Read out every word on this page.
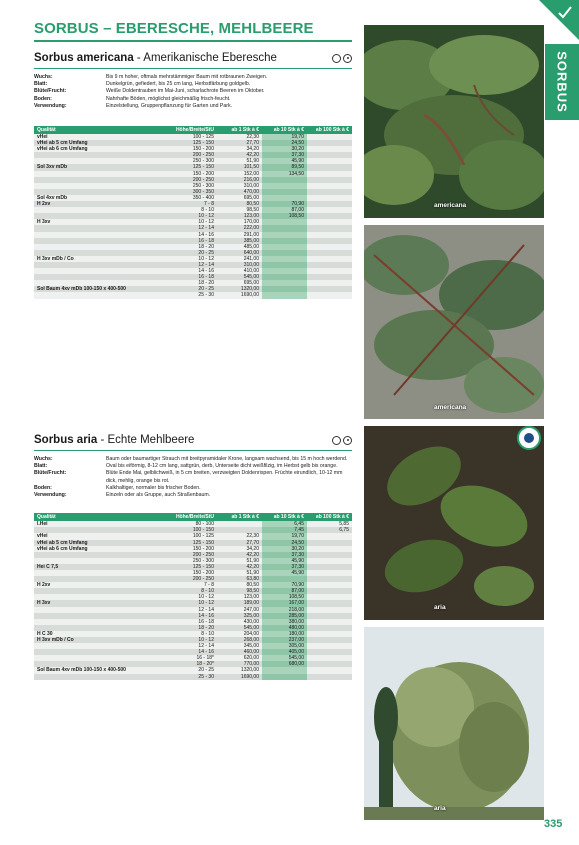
SORBUS – EBERESCHE, MEHLBEERE
SORBUS
Sorbus americana - Amerikanische Eberesche
Wuchs:	Bis 9 m hoher, oftmals mehrstämmiger Baum mit rotbraunen Zweigen.
Blatt:	Dunkelgrün, gefiedert, bis 25 cm lang, Herbstfärbung goldgelb.
Blüte/Frucht:	Weiße Doldentrauben im Mai-Juni, scharlachrote Beeren im Oktober.
Boden:	Nahrhafte Böden, möglichst gleichmäßig frisch-feucht.
Verwendung:	Einzelstellung, Gruppenpflanzung für Garten und Park.
Qualität	Höhe/Breite/StU	ab 1 Stk à €	ab 10 Stk à €	ab 100 Stk à €
vHei	100 - 125	22,30	19,70	
vHei ab 5 cm Umfang	125 - 150	27,70	24,50	
vHei ab 6 cm Umfang	150 - 200	34,20	30,20	
	200 - 250	42,20	37,30	
	250 - 300	51,90	45,90	
Sol 3xv mDb	125 - 150	101,50	89,50	
	150 - 200	152,00	134,50	
	200 - 250	216,00		
	250 - 300	310,00		
	300 - 350	470,00		
Sol 4xv mDb	350 - 400	695,00		
H 2xv	7 - 8	80,50	70,90	
	8 - 10	98,50	87,00	
	10 - 12	123,00	108,50	
H 3xv	10 - 12	170,00		
	12 - 14	222,00		
	14 - 16	291,00		
	16 - 18	385,00		
	18 - 20	485,00		
	20 - 25	640,00		
H 3xv mDb / Co	10 - 12	241,00		
	12 - 14	310,00		
	14 - 16	410,00		
	16 - 18	545,00		
	18 - 20	695,00		
Sol Baum 4xv mDb 100-150 x 400-500	20 - 25	1320,00		
	25 - 30	1690,00		
Sorbus aria - Echte Mehlbeere
Wuchs:	Baum oder baumartiger Strauch mit breitpyramidaler Krone, langsam wachsend, bis 15 m hoch werdend.
Blatt:	Oval bis eiförmig, 8-12 cm lang, sattgrün, derb, Unterseite dicht weißfilzig, im Herbst gelb bis orange.
Blüte/Frucht:	Blüte Ende Mai, gelblichweiß, in 5 cm breiten, verzweigten Doldenrispen. Früchte eirundlich, 10-12 mm dick, mehlig, orange bis rot.
Boden:	Kalkhaltiger, normaler bis frischer Boden.
Verwendung:	Einzeln oder als Gruppe, auch Straßenbaum.
Qualität	Höhe/Breite/StU	ab 1 Stk à €	ab 10 Stk à €	ab 100 Stk à €
l.Hei	80 - 100		6,45	5,85
	100 - 150		7,45	6,75
vHei	100 - 125	22,30	19,70	
vHei ab 5 cm Umfang	125 - 150	27,70	24,50	
vHei ab 6 cm Umfang	150 - 200	34,20	30,20	
	200 - 250	42,20	37,30	
	250 - 300	51,90	45,90	
Hei C 7,5	125 - 150	42,20	37,30	
	150 - 200	51,90	45,90	
	200 - 250	63,80		
H 2xv	7 - 8	80,50	70,90	
	8 - 10	98,50	87,00	
	10 - 12	123,00	108,50	
H 3xv	10 - 12	189,00	167,00	
	12 - 14	247,00	218,00	
	14 - 16	325,00	285,00	
	16 - 18	430,00	380,00	
	18 - 20	545,00	480,00	
H C 30	8 - 10	204,00	180,00	
H 3xv mDb / Co	10 - 12	268,00	237,00	
	12 - 14	345,00	305,00	
	14 - 16	460,00	405,00	
	16 - 18*	620,00	545,00	
	18 - 20*	770,00	680,00	
Sol Baum 4xv mDb 100-150 x 400-500	20 - 25	1320,00		
	25 - 30	1690,00		
americana
americana
aria
aria
335
